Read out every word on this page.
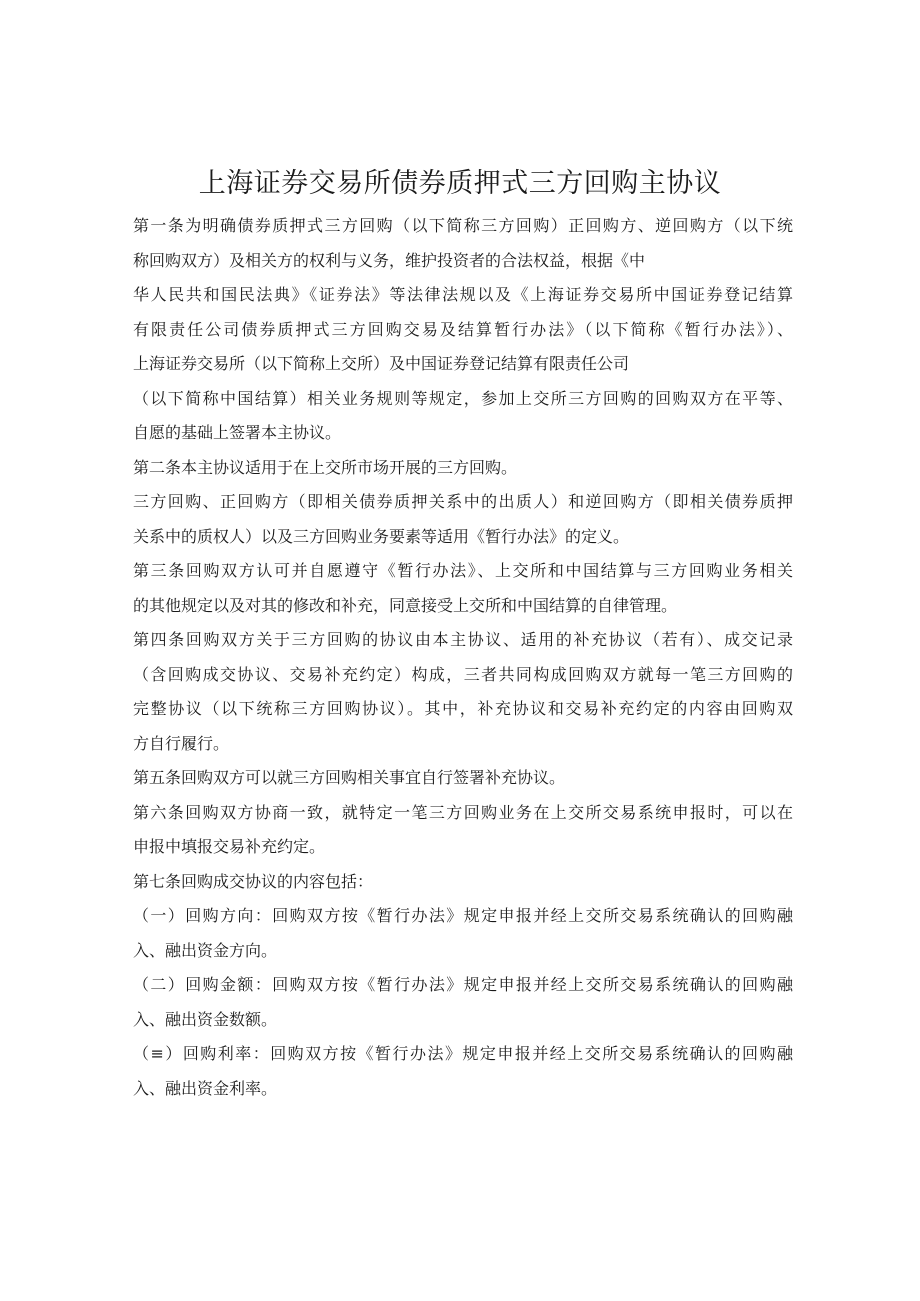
上海证券交易所债券质押式三方回购主协议
第一条为明确债券质押式三方回购（以下简称三方回购）正回购方、逆回购方（以下统
称回购双方）及相关方的权利与义务，维护投资者的合法权益，根据《中
华人民共和国民法典》《证券法》等法律法规以及《上海证券交易所中国证券登记结算
有限责任公司债券质押式三方回购交易及结算暂行办法》（以下简称《暂行办法》）、
上海证券交易所（以下简称上交所）及中国证券登记结算有限责任公司
（以下简称中国结算）相关业务规则等规定，参加上交所三方回购的回购双方在平等、
自愿的基础上签署本主协议。
第二条本主协议适用于在上交所市场开展的三方回购。
三方回购、正回购方（即相关债券质押关系中的出质人）和逆回购方（即相关债券质押
关系中的质权人）以及三方回购业务要素等适用《暂行办法》的定义。
第三条回购双方认可并自愿遵守《暂行办法》、上交所和中国结算与三方回购业务相关
的其他规定以及对其的修改和补充，同意接受上交所和中国结算的自律管理。
第四条回购双方关于三方回购的协议由本主协议、适用的补充协议（若有）、成交记录
（含回购成交协议、交易补充约定）构成，三者共同构成回购双方就每一笔三方回购的
完整协议（以下统称三方回购协议）。其中，补充协议和交易补充约定的内容由回购双
方自行履行。
第五条回购双方可以就三方回购相关事宜自行签署补充协议。
第六条回购双方协商一致，就特定一笔三方回购业务在上交所交易系统申报时，可以在
申报中填报交易补充约定。
第七条回购成交协议的内容包括：
（一）回购方向：回购双方按《暂行办法》规定申报并经上交所交易系统确认的回购融
入、融出资金方向。
（二）回购金额：回购双方按《暂行办法》规定申报并经上交所交易系统确认的回购融
入、融出资金数额。
（≡）回购利率：回购双方按《暂行办法》规定申报并经上交所交易系统确认的回购融
入、融出资金利率。
